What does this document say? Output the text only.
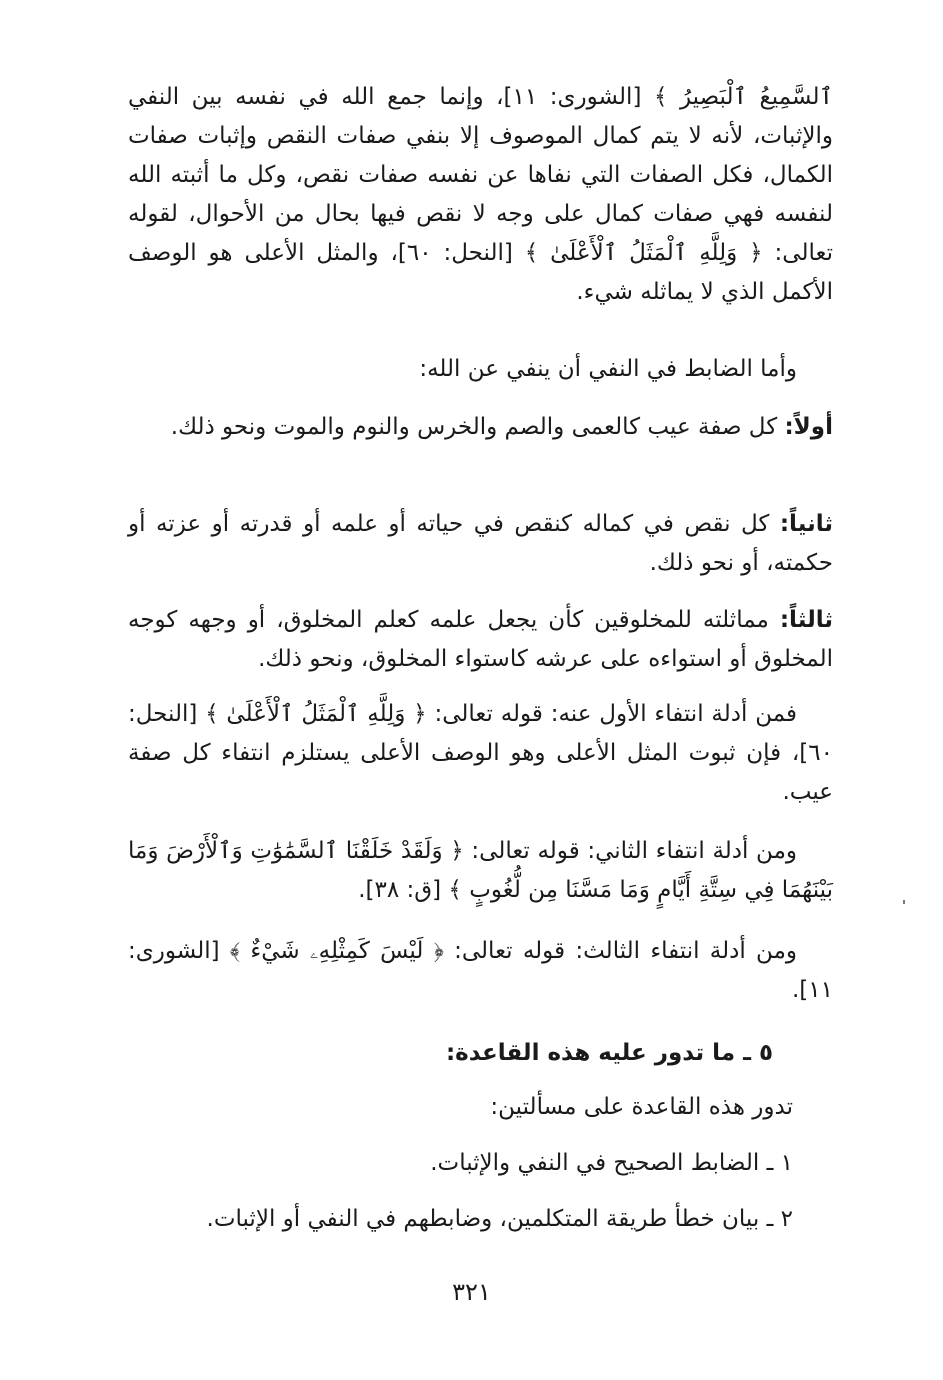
ٱلسَّمِيعُ ٱلْبَصِيرُ ﴾ [الشورى: ١١]، وإنما جمع الله في نفسه بين النفي والإثبات، لأنه لا يتم كمال الموصوف إلا بنفي صفات النقص وإثبات صفات الكمال، فكل الصفات التي نفاها عن نفسه صفات نقص، وكل ما أثبته الله لنفسه فهي صفات كمال على وجه لا نقص فيها بحال من الأحوال، لقوله تعالى: ﴿ وَلِلَّهِ ٱلْمَثَلُ ٱلْأَعْلَىٰ ﴾ [النحل: ٦٠]، والمثل الأعلى هو الوصف الأكمل الذي لا يماثله شيء.

وأما الضابط في النفي أن ينفي عن الله:

أولاً: كل صفة عيب كالعمى والصم والخرس والنوم والموت ونحو ذلك.

ثانياً: كل نقص في كماله كنقص في حياته أو علمه أو قدرته أو عزته أو حكمته، أو نحو ذلك.

ثالثاً: مماثلته للمخلوقين كأن يجعل علمه كعلم المخلوق، أو وجهه كوجه المخلوق أو استواءه على عرشه كاستواء المخلوق، ونحو ذلك.

فمن أدلة انتفاء الأول عنه: قوله تعالى: ﴿ وَلِلَّهِ ٱلْمَثَلُ ٱلْأَعْلَىٰ ﴾ [النحل: ٦٠]، فإن ثبوت المثل الأعلى وهو الوصف الأعلى يستلزم انتفاء كل صفة عيب.

ومن أدلة انتفاء الثاني: قوله تعالى: ﴿ وَلَقَدْ خَلَقْنَا ٱلسَّمَٰوَٰتِ وَٱلْأَرْضَ وَمَا بَيْنَهُمَا فِي سِتَّةِ أَيَّامٍ وَمَا مَسَّنَا مِن لُّغُوبٍ ﴾ [ق: ٣٨].

ومن أدلة انتفاء الثالث: قوله تعالى: ﴿ لَيْسَ كَمِثْلِهِۦ شَيْءٌ ﴾ [الشورى: ١١].

٥ ـ ما تدور عليه هذه القاعدة:

تدور هذه القاعدة على مسألتين:

١ ـ الضابط الصحيح في النفي والإثبات.

٢ ـ بيان خطأ طريقة المتكلمين، وضابطهم في النفي أو الإثبات.

٣٢١
